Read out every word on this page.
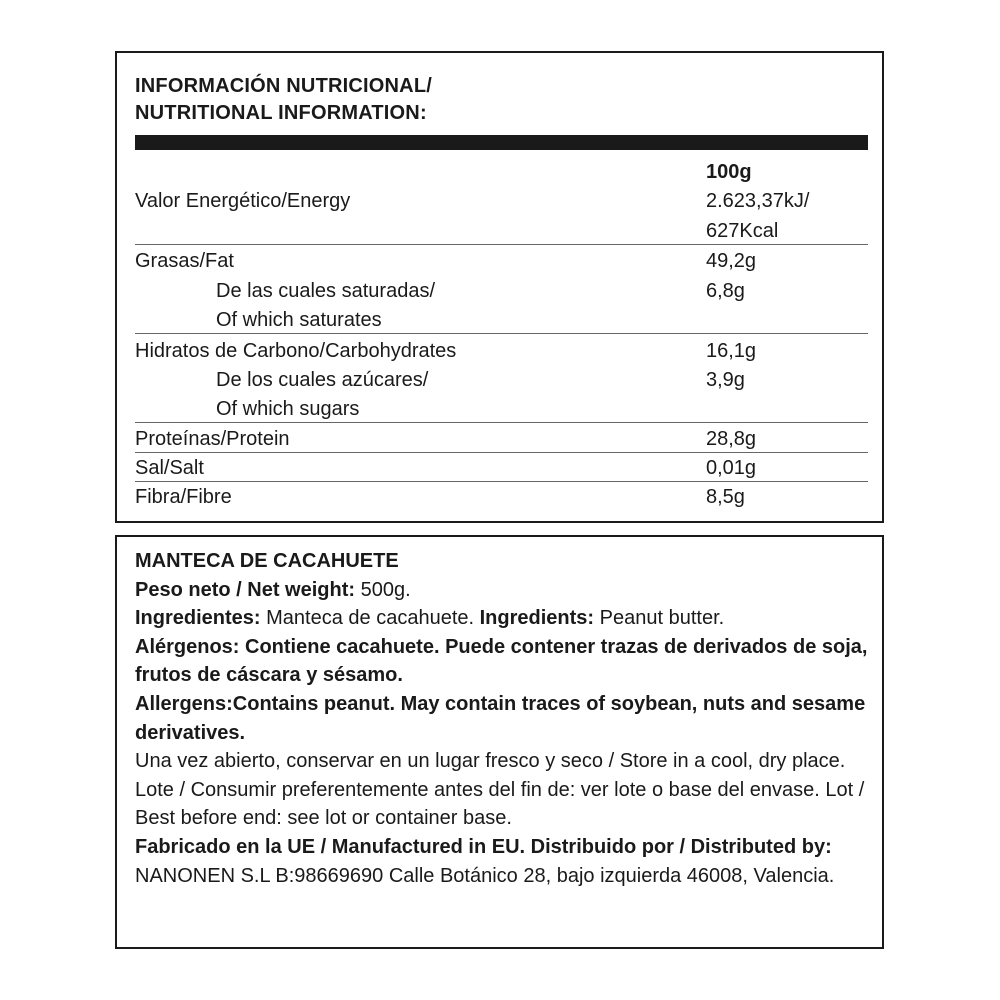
INFORMACIÓN NUTRICIONAL/
NUTRITIONAL INFORMATION:
100g
Valor Energético/Energy	2.623,37kJ/
627Kcal
Grasas/Fat	49,2g
De las cuales saturadas/	6,8g
Of which saturates
Hidratos de Carbono/Carbohydrates	16,1g
De los cuales azúcares/	3,9g
Of which sugars
Proteínas/Protein	28,8g
Sal/Salt	0,01g
Fibra/Fibre	8,5g

MANTECA DE CACAHUETE

Peso neto / Net weight: 500g.

Ingredientes: Manteca de cacahuete. Ingredients: Peanut butter.

Alérgenos: Contiene cacahuete. Puede contener trazas de derivados de soja, frutos de cáscara y sésamo.

Allergens:Contains peanut. May contain traces of soybean, nuts and sesame derivatives.

Una vez abierto, conservar en un lugar fresco y seco / Store in a cool, dry place.

Lote / Consumir preferentemente antes del fin de: ver lote o base del envase. Lot / Best before end: see lot or container base.

Fabricado en la UE / Manufactured in EU. Distribuido por / Distributed by: NANONEN S.L B:98669690 Calle Botánico 28, bajo izquierda 46008, Valencia.
